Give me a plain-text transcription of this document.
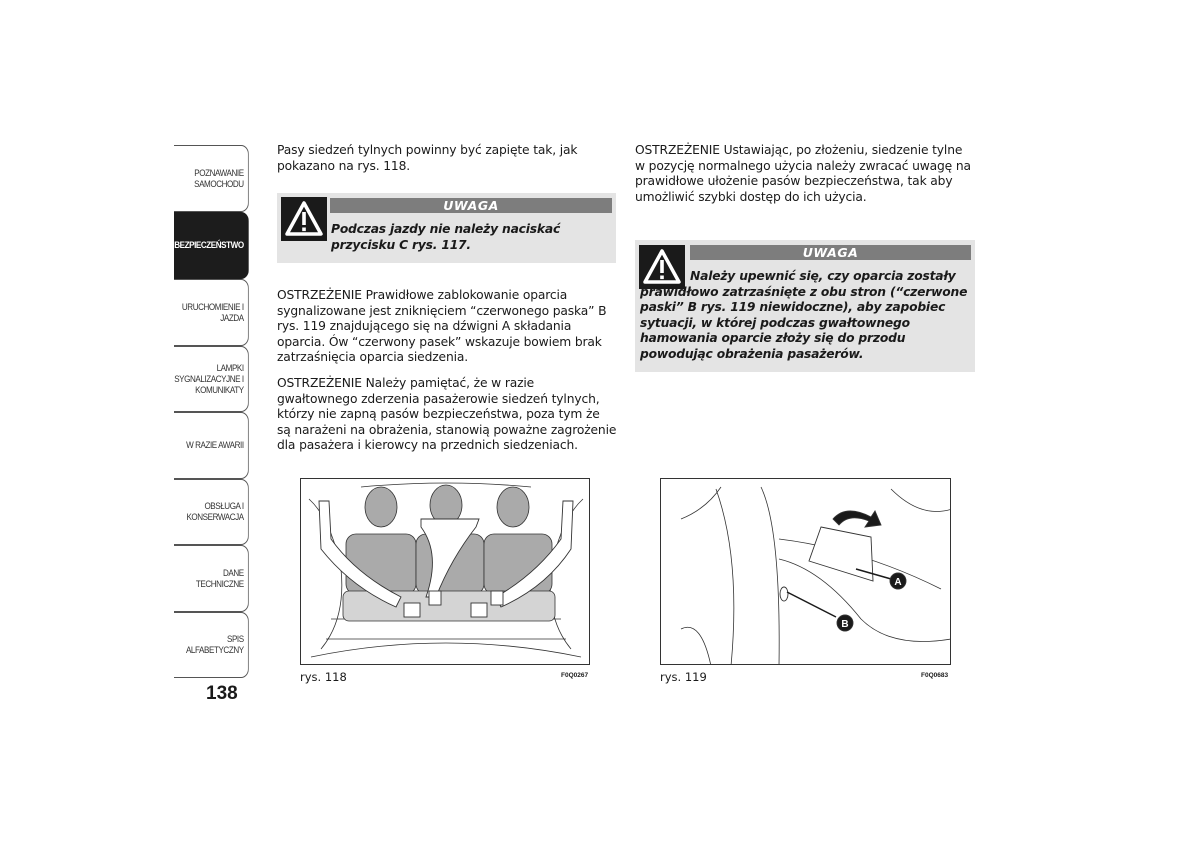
POZNAWANIE SAMOCHODU
BEZPIECZEŃSTWO
URUCHOMIENIE I JAZDA
LAMPKI SYGNALIZACYJNE I KOMUNIKATY
W RAZIE AWARII
OBSŁUGA I KONSERWACJA
DANE TECHNICZNE
SPIS ALFABETYCZNY
138

Pasy siedzeń tylnych powinny być zapięte tak, jak pokazano na rys. 118.

UWAGA
Podczas jazdy nie należy naciskać przycisku C rys. 117.

OSTRZEŻENIE Prawidłowe zablokowanie oparcia sygnalizowane jest zniknięciem “czerwonego paska” B rys. 119 znajdującego się na dźwigni A składania oparcia. Ów “czerwony pasek” wskazuje bowiem brak zatrzaśnięcia oparcia siedzenia.

OSTRZEŻENIE Należy pamiętać, że w razie gwałtownego zderzenia pasażerowie siedzeń tylnych, którzy nie zapną pasów bezpieczeństwa, poza tym że są narażeni na obrażenia, stanowią poważne zagrożenie dla pasażera i kierowcy na przednich siedzeniach.

OSTRZEŻENIE Ustawiając, po złożeniu, siedzenie tylne w pozycję normalnego użycia należy zwracać uwagę na prawidłowe ułożenie pasów bezpieczeństwa, tak aby umożliwić szybki dostęp do ich użycia.

UWAGA
Należy upewnić się, czy oparcia zostały prawidłowo zatrzaśnięte z obu stron (“czerwone paski” B rys. 119 niewidoczne), aby zapobiec sytuacji, w której podczas gwałtownego hamowania oparcie złoży się do przodu powodując obrażenia pasażerów.
rys. 118	F0Q0267
A
B
rys. 119	F0Q0683
